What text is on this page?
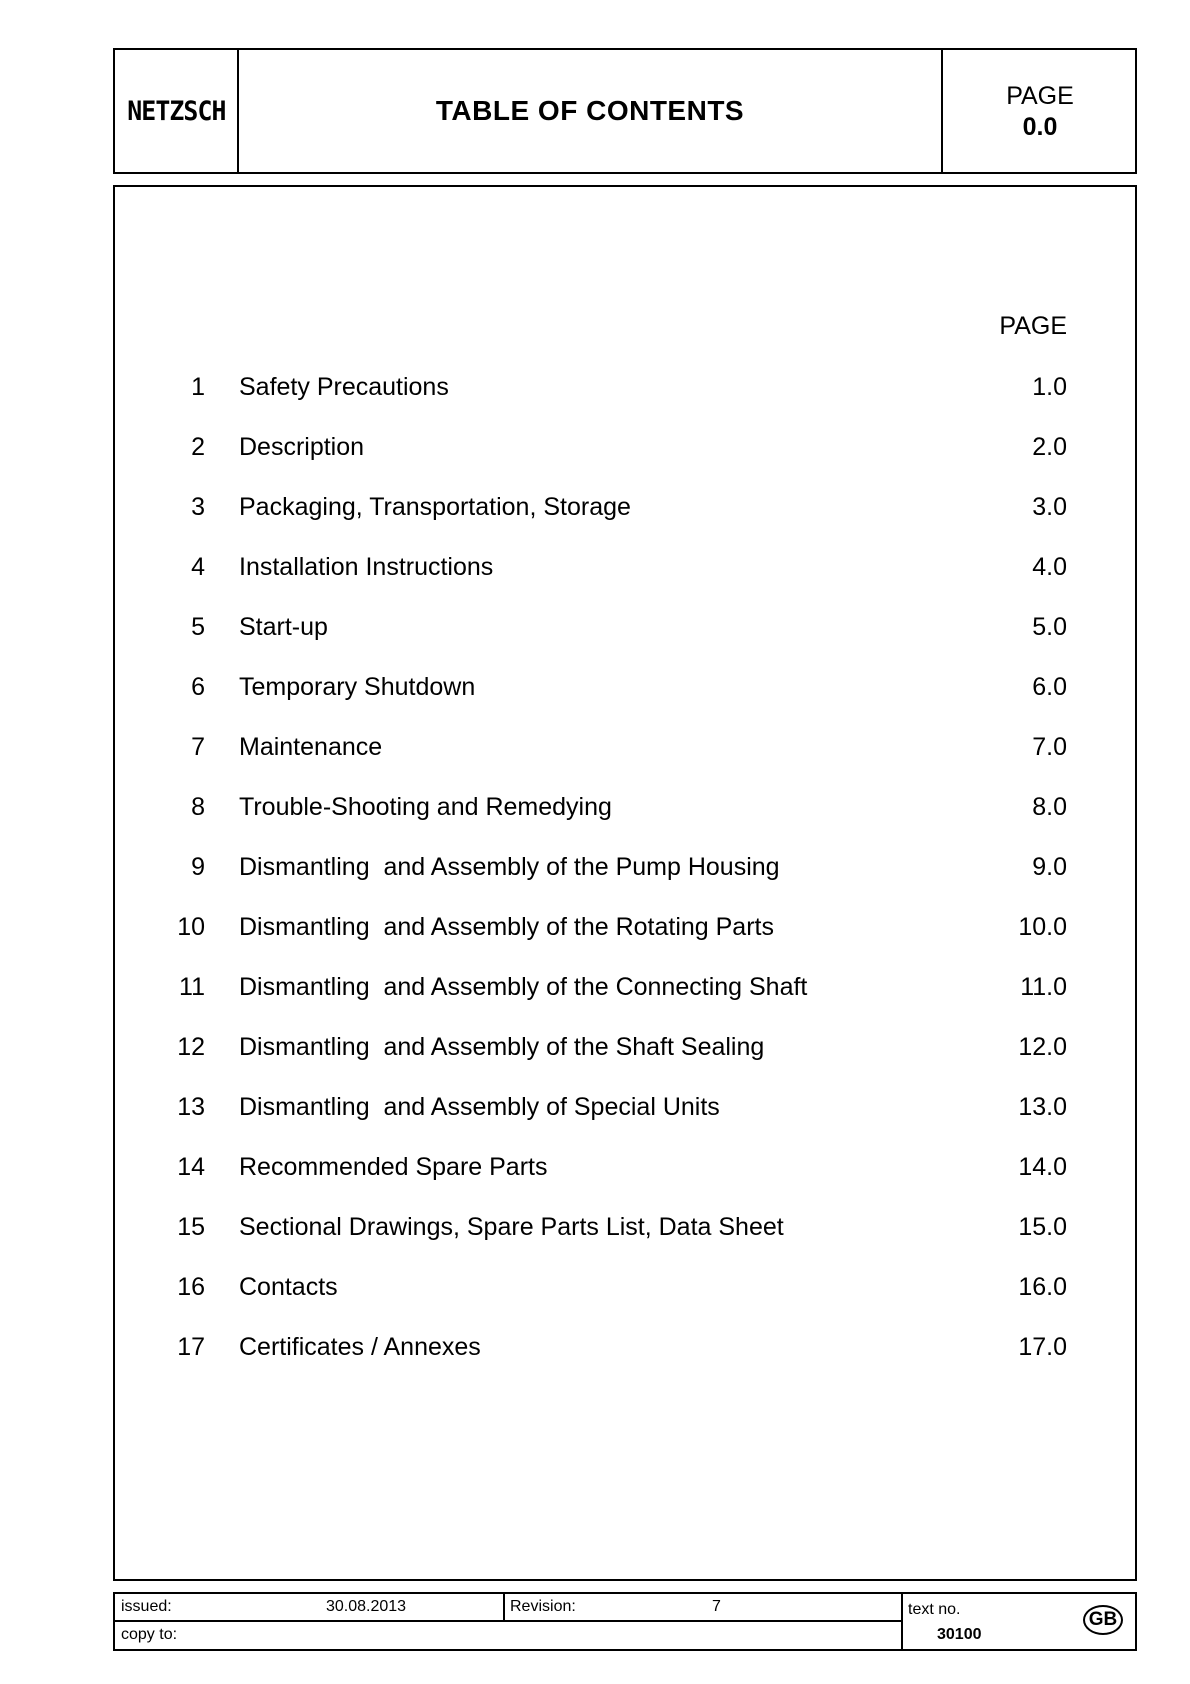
NETZSCH	TABLE OF CONTENTS	PAGE
0.0
PAGE
1 Safety Precautions	1.0
2 Description	2.0
3 Packaging, Transportation, Storage	3.0
4 Installation Instructions	4.0
5 Start-up	5.0
6 Temporary Shutdown	6.0
7 Maintenance	7.0
8 Trouble-Shooting and Remedying	8.0
9 Dismantling  and Assembly of the Pump Housing	9.0
10 Dismantling  and Assembly of the Rotating Parts	10.0
11 Dismantling  and Assembly of the Connecting Shaft	11.0
12 Dismantling  and Assembly of the Shaft Sealing	12.0
13 Dismantling  and Assembly of Special Units	13.0
14 Recommended Spare Parts	14.0
15 Sectional Drawings, Spare Parts List, Data Sheet	15.0
16 Contacts	16.0
17 Certificates / Annexes	17.0
issued:	30.08.2013	Revision:	7
copy to:
text no.
30100
GB
